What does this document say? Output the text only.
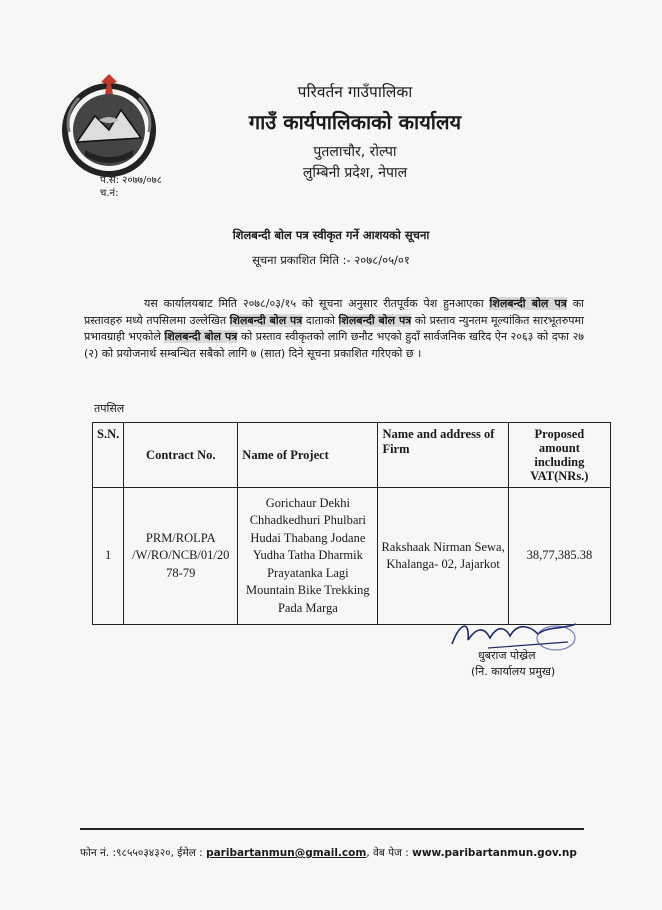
परिवर्तन गाउँपालिका
गाउँ कार्यपालिकाको कार्यालय
पुतलाचौर, रोल्पा
लुम्बिनी प्रदेश, नेपाल
प.सं: २०७७/०७८
च.नं:
शिलबन्दी बोल पत्र स्वीकृत गर्ने आशयको सूचना
सूचना प्रकाशित मिति :- २०७८/०५/०१
यस कार्यालयबाट मिति २०७८/०३/१५ को सूचना अनुसार रीतपूर्वक पेश हुनआएका शिलबन्दी बोल पत्र का प्रस्तावहरु मध्ये तपसिलमा उल्लेखित शिलबन्दी बोल पत्र दाताको शिलबन्दी बोल पत्र को प्रस्ताव न्युनतम मूल्यांकित सारभूतरुपमा प्रभावग्राही भएकोले शिलबन्दी बोल पत्र को प्रस्ताव स्वीकृतको लागि छनौट भएको हुदाँ सार्वजनिक खरिद ऐन २०६३ को दफा २७ (२) को प्रयोजनार्थ सम्बन्धित सबैको लागि ७ (सात) दिने सूचना प्रकाशित गरिएको छ ।
तपसिल
S.N.	Contract No.	Name of Project	Name and address of Firm	Proposed amount including VAT(NRs.)
1	PRM/ROLPA /W/RO/NCB/01/20 78-79	Gorichaur Dekhi Chhadkedhuri Phulbari Hudai Thabang Jodane Yudha Tatha Dharmik Prayatanka Lagi Mountain Bike Trekking Pada Marga	Rakshaak Nirman Sewa, Khalanga- 02, Jajarkot	38,77,385.38
धुबराज पोख्रेल
(नि. कार्यालय प्रमुख)
फोन नं. :९८५५०३४३२०, ईमेल : paribartanmun@gmail.com, वेब पेज : www.paribartanmun.gov.np
